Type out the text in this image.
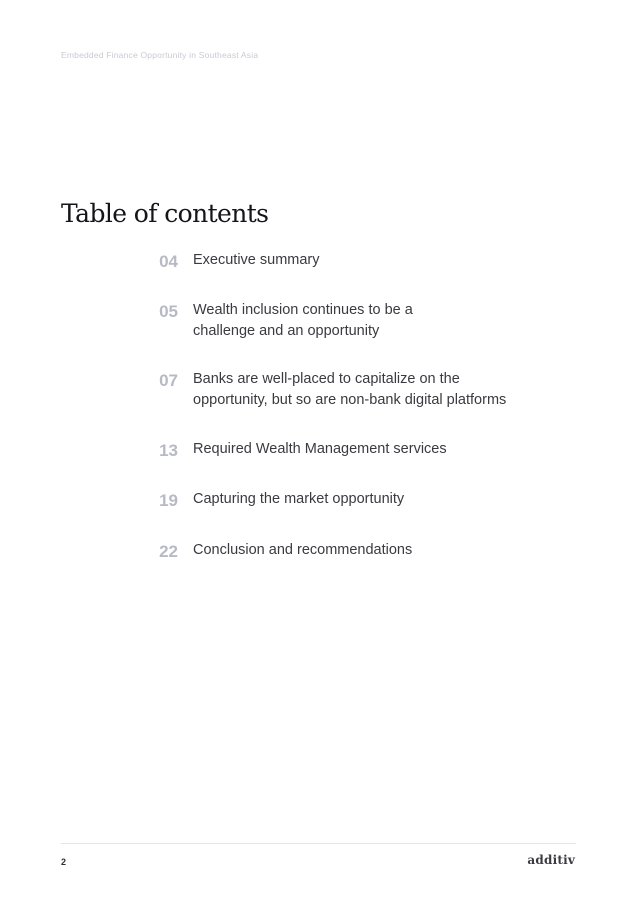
Embedded Finance Opportunity in Southeast Asia
Table of contents
04 Executive summary
05 Wealth inclusion continues to be a
challenge and an opportunity
07 Banks are well-placed to capitalize on the
opportunity, but so are non-bank digital platforms
13 Required Wealth Management services
19 Capturing the market opportunity
22 Conclusion and recommendations
2	additiv
